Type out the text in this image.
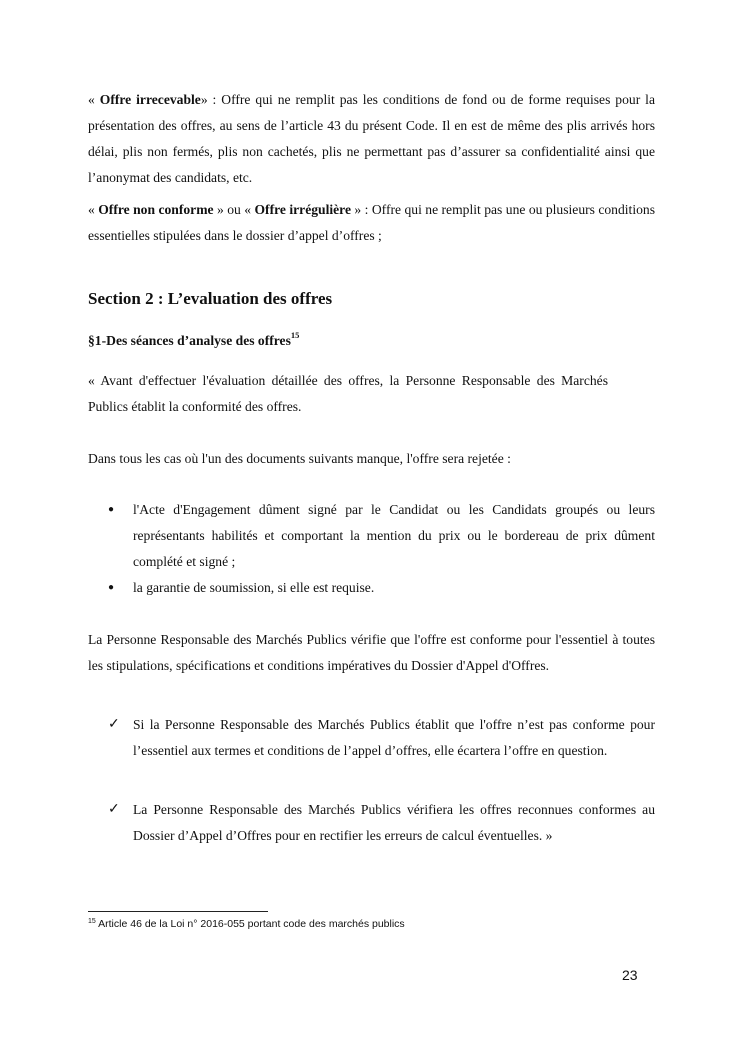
« Offre irrecevable» : Offre qui ne remplit pas les conditions de fond ou de forme requises pour la présentation des offres, au sens de l’article 43 du présent Code. Il en est de même des plis arrivés hors délai, plis non fermés, plis non cachetés, plis ne permettant pas d’assurer sa confidentialité ainsi que l’anonymat des candidats, etc.

« Offre non conforme » ou « Offre irrégulière » : Offre qui ne remplit pas une ou plusieurs conditions essentielles stipulées dans le dossier d’appel d’offres ;

Section 2 : L’evaluation des offres
§1-Des séances d’analyse des offres$^{15}$

« Avant d'effectuer l'évaluation détaillée des offres, la Personne Responsable des Marchés Publics établit la conformité des offres.

Dans tous les cas où l'un des documents suivants manque, l'offre sera rejetée :

● l'Acte d'Engagement dûment signé par le Candidat ou les Candidats groupés ou leurs représentants habilités et comportant la mention du prix ou le bordereau de prix dûment complété et signé ;

● la garantie de soumission, si elle est requise.

La Personne Responsable des Marchés Publics vérifie que l'offre est conforme pour l'essentiel à toutes les stipulations, spécifications et conditions impératives du Dossier d'Appel d'Offres.

✓ Si la Personne Responsable des Marchés Publics établit que l'offre n’est pas conforme pour l’essentiel aux termes et conditions de l’appel d’offres, elle écartera l’offre en question.

✓ La Personne Responsable des Marchés Publics vérifiera les offres reconnues conformes au Dossier d’Appel d’Offres pour en rectifier les erreurs de calcul éventuelles. »

$^{15}$ Article 46 de la Loi n° 2016-055 portant code des marchés publics
23
